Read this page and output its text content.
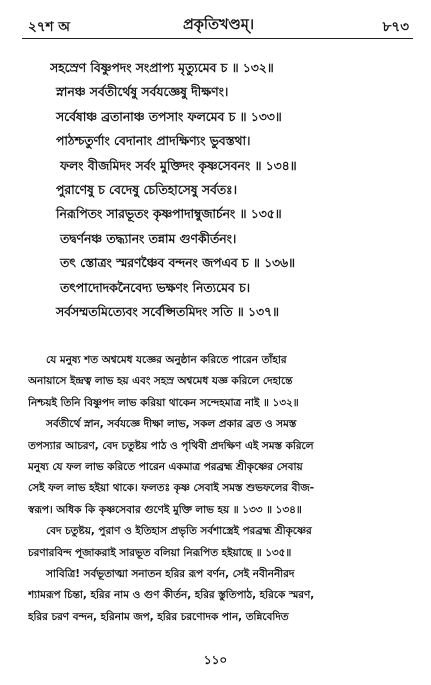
২৭শ অ	প্রকৃতিখণ্ডম্।	৮৭৩
সহস্রেণ বিষ্ণুপদং সংপ্রাপ্য মৃত্যুমেব চ ॥ ১৩২॥
স্নানঞ্চ সর্বতীর্থেষু সর্বযজ্ঞেষু দীক্ষণং।
সর্বেষাঞ্চ ব্রতানাঞ্চ তপসাং ফলমেব চ ॥ ১৩৩॥
পাঠশ্চতুর্ণাং বেদানাং প্রাদক্ষিণ্যং ভুবস্তথা।
ফলং বীজমিদং সর্বং মুক্তিদং কৃষ্ণসেবনং ॥ ১৩৪॥
পুরাণেষু চ বেদেষু চেতিহাসেষু সর্বতঃ।
নিরূপিতং সারভূতং কৃষ্ণপাদাম্বুজার্চনং ॥ ১৩৫॥
তদ্বর্ণনঞ্চ তদ্ধ্যানং তন্নাম গুণকীর্তনং।
তৎ স্তোত্রং স্মরণঞ্চৈব বন্দনং জপএব চ ॥ ১৩৬॥
তৎপাদোদকনৈবেদ্য ভক্ষণং নিত্যমেব চ।
সর্বসম্মতমিত্যেবং সর্বেপ্সিতমিদং সতি ॥ ১৩৭॥
যে মনুষ্য শত অশ্বমেধ যজ্ঞের অনুষ্ঠান করিতে পারেন তাঁহার
অনায়াসে ইন্দ্রত্ব লাভ হয় এবং সহস্র অশ্বমেধ যজ্ঞ করিলে দেহান্তে
নিশ্চয়ই তিনি বিষ্ণুপদ লাভ করিয়া থাকেন সন্দেহমাত্র নাই ॥ ১৩২॥
সর্বতীর্থে স্নান, সর্বযজ্ঞে দীক্ষা লাভ, সকল প্রকার ব্রত ও সমস্ত
তপস্যার আচরণ, বেদ চতুষ্টয় পাঠ ও পৃথিবী প্রদক্ষিণ এই সমস্ত করিলে
মনুষ্য যে ফল লাভ করিতে পারেন একমাত্র পরব্রহ্ম শ্রীকৃষ্ণের সেবায়
সেই ফল লাভ হইয়া থাকে। ফলতঃ কৃষ্ণ সেবাই সমস্ত শুভফলের বীজ-
স্বরূপ। অধিক কি কৃষ্ণসেবার গুণেই মুক্তি লাভ হয় ॥ ১৩৩ ॥ ১৩৪॥
বেদ চতুষ্টয়, পুরাণ ও ইতিহাস প্রভৃতি সর্বশাস্ত্রেই পরব্রহ্ম শ্রীকৃষ্ণের
চরণারবিন্দ পূজাকরাই সারভূত বলিয়া নিরূপিত হইয়াছে ॥ ১৩৫॥
সাবিত্রি! সর্বভূতাত্মা সনাতন হরির রূপ বর্ণন, সেই নবীননীরদ
শ্যামরূপ চিন্তা, হরির নাম ও গুণ কীর্তন, হরির স্তুতিপাঠ, হরিকে স্মরণ,
হরির চরণ বন্দন, হরিনাম জপ, হরির চরণোদক পান, তন্নিবেদিত
১১০
